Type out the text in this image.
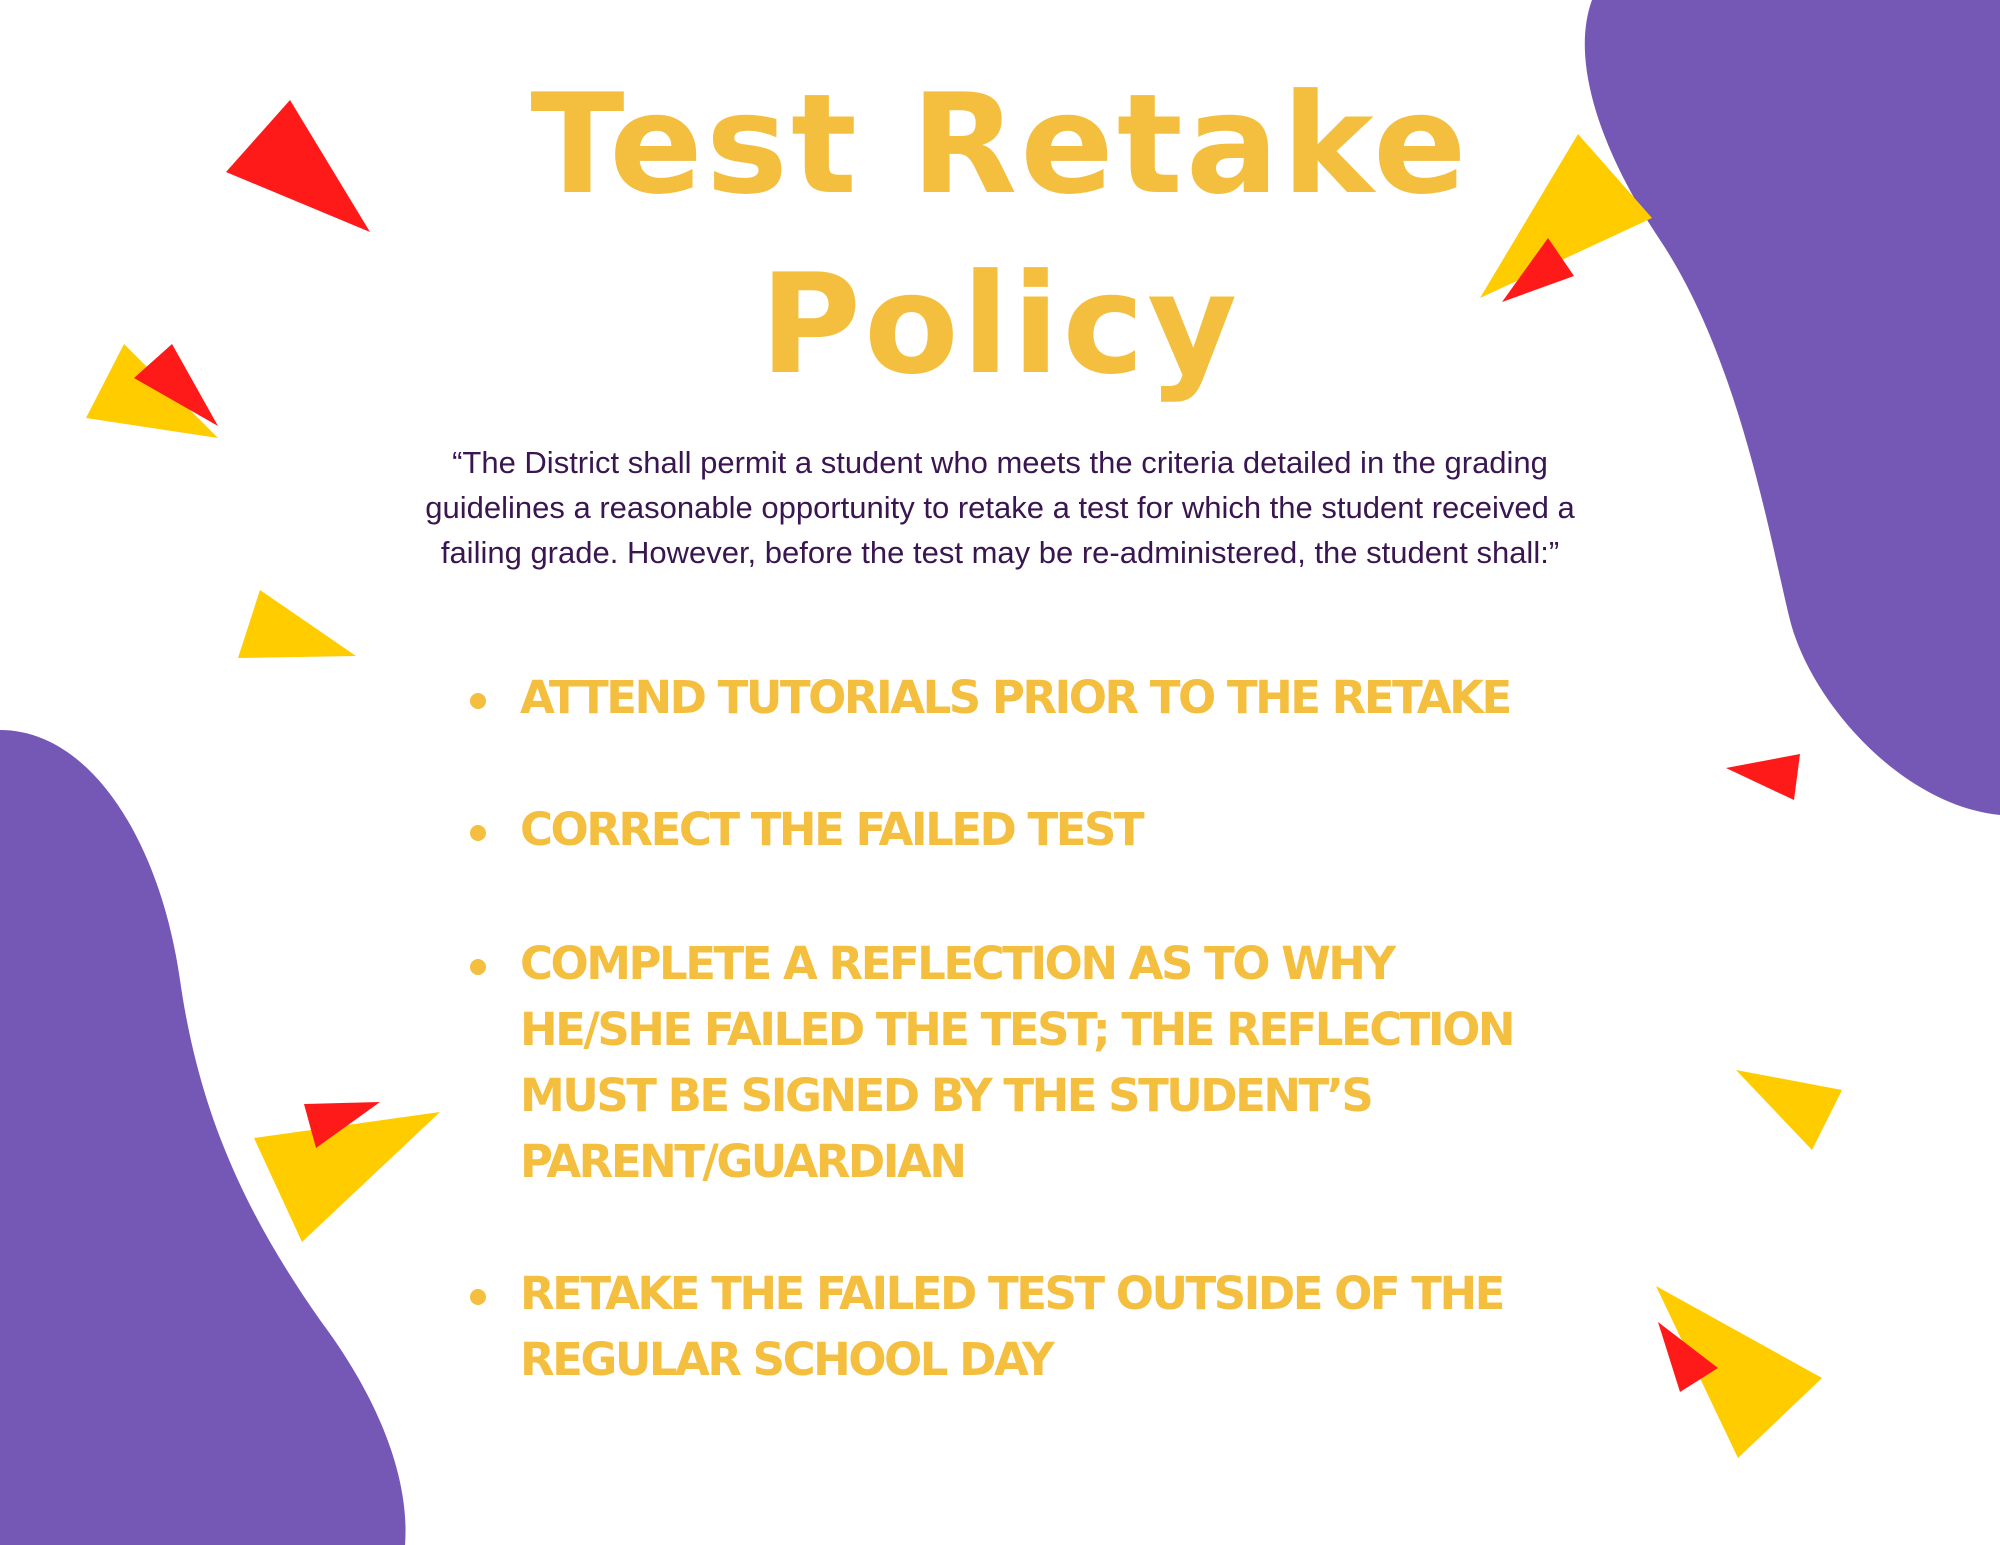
Test Retake
Policy

“The District shall permit a student who meets the criteria detailed in the grading
guidelines a reasonable opportunity to retake a test for which the student received a
failing grade. However, before the test may be re-administered, the student shall:”

ATTEND TUTORIALS PRIOR TO THE RETAKE
CORRECT THE FAILED TEST
COMPLETE A REFLECTION AS TO WHY
HE/SHE FAILED THE TEST; THE REFLECTION
MUST BE SIGNED BY THE STUDENT’S
PARENT/GUARDIAN
RETAKE THE FAILED TEST OUTSIDE OF THE
REGULAR SCHOOL DAY
